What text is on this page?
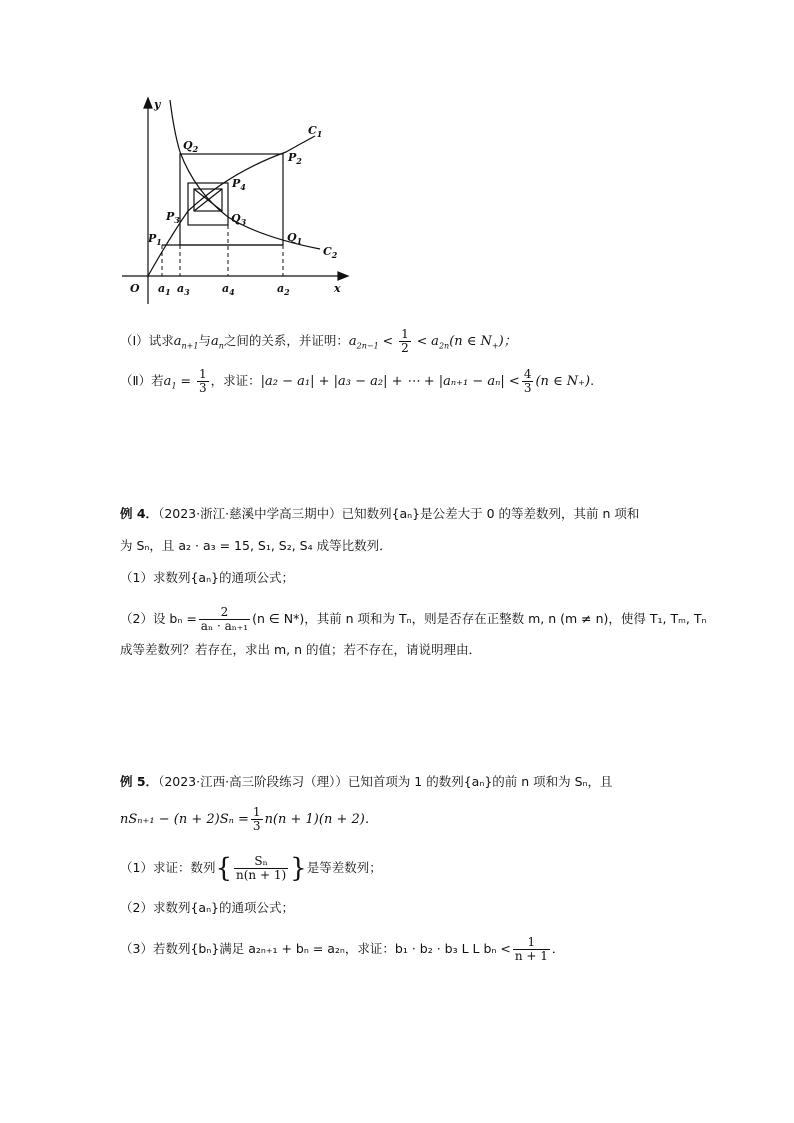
y
x
O
$C_1$
$C_2$
$Q_2$
$P_2$
$P_4$
$P_3$	$Q_3$
$P_1$	$Q_1$
$a_1$ $a_3$	$a_4$	$a_2$
（Ⅰ）试求$a_{n+1}$与$a_n$之间的关系，并证明：$a_{2n-1} < \frac{1}{2} < a_{2n}(n$ ∈ $N_+$)；
（Ⅱ）若$a_1 = \frac{1}{3}$ ，求证：|a₂ − a₁| + |a₃ − a₂| + ⋯ + $|a_{n+1} - a_n| < \frac{4}{3} (n$ ∈ N₊).
例 4．（2023·浙江·慈溪中学高三期中）已知数列{aₙ}是公差大于 0 的等差数列，其前 n 项和
为 Sₙ，且 a₂ · a₃ = 15, S₁, S₂, S₄ 成等比数列．
（1）求数列{aₙ}的通项公式；
（2）设 $b_n = \frac{2}{\text{aₙ · aₙ₊₁}} (n$ ∈ N*)，其前 n 项和为 Tₙ，则是否存在正整数 m, n (m ≠ n)，使得 T₁, Tₘ, Tₙ
成等差数列？若存在，求出 m, n 的值；若不存在，请说明理由．
例 5．（2023·江西·高三阶段练习（理））已知首项为 1 的数列{aₙ}的前 n 项和为 Sₙ，且
$nS_{n+1} - (n + 2)S_n = \frac{1}{3} n(n + 1)(n + 2)$．
（1）求证：数列{ $\frac{\text{Sₙ}}{n(n + 1)}$ }是等差数列；
（2）求数列{aₙ}的通项公式；
（3）若数列{bₙ}满足 a₂ₙ₊₁ + bₙ = a₂ₙ，求证：b₁ · b₂ · b₃ L L $b_n < \frac{1}{n + 1}$ ．
